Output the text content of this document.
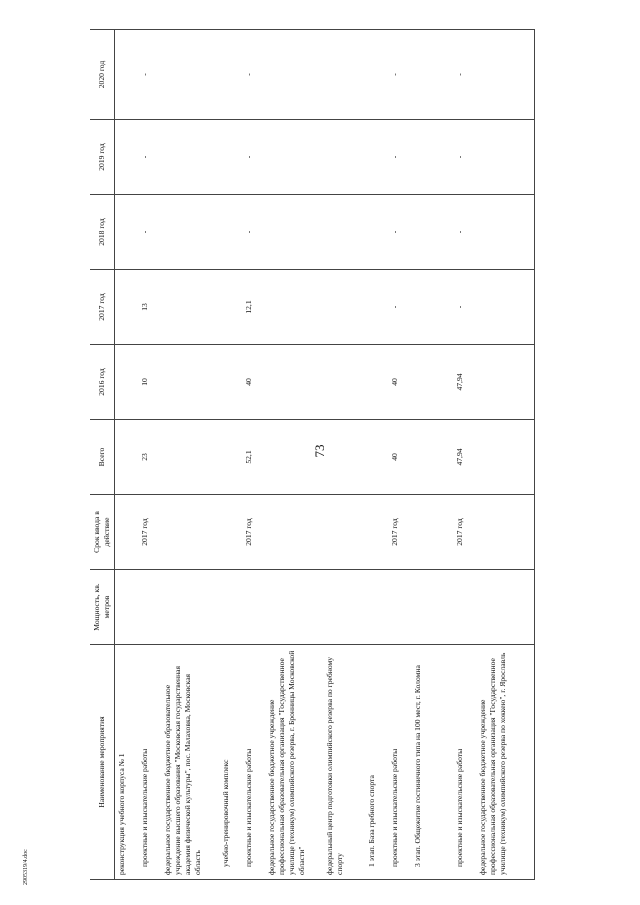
73
2905319/4.doc
Наименование мероприятия	Мощность, кв. метров	Срок ввода в действие	Всего	2016 год	2017 год	2018 год	2019 год	2020 год
реконструкция учебного корпуса № 1								
проектные и изыскательские работы		2017 год	23	10	13	-	-	-
федеральное государственное бюджетное образовательное учреждение высшего образования "Московская государственная академия физической культуры", пос. Малаховка, Московская область								
учебно-тренировочный комплекс								
проектные и изыскательские работы		2017 год	52,1	40	12,1	-	-	-
федеральное государственное бюджетное учреждение профессиональная образовательная организация "Государственное училище (техникум) олимпийского резерва, г. Бронницы Московской области"								
федеральный центр подготовки олимпийского резерва по гребному спорту								
1 этап. База гребного спорта								
проектные и изыскательские работы		2017 год	40	40	-	-	-	-
3 этап. Общежитие гостиничного типа на 100 мест, г. Коломна								
проектные и изыскательские работы		2017 год	47,94	47,94	-	-	-	-
федеральное государственное бюджетное учреждение профессиональная образовательная организация "Государственное училище (техникум) олимпийского резерва по хоккею", г. Ярославль								
